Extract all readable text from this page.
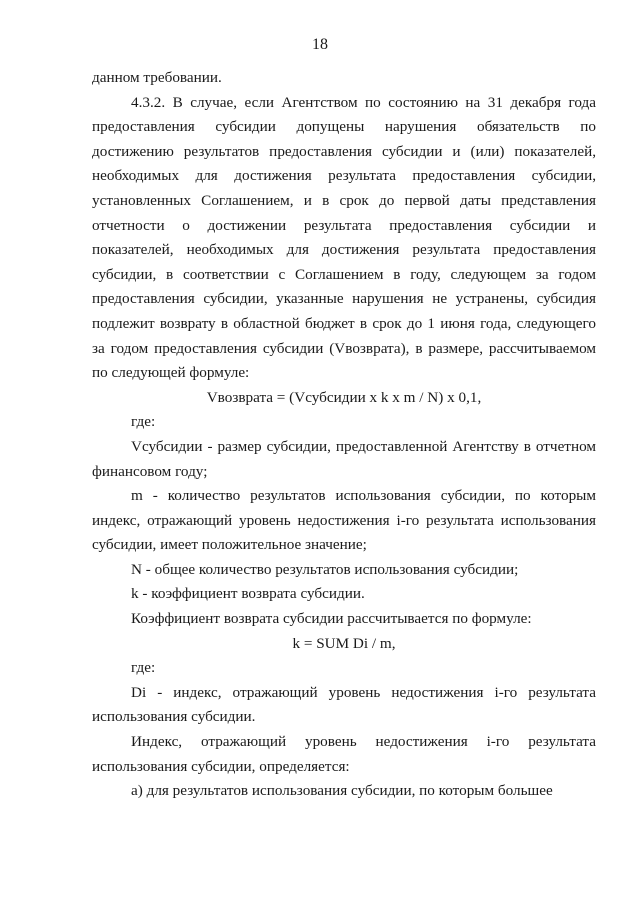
18

данном требовании.

4.3.2. В случае, если Агентством по состоянию на 31 декабря года предоставления субсидии допущены нарушения обязательств по достижению результатов предоставления субсидии и (или) показателей, необходимых для достижения результата предоставления субсидии, установленных Соглашением, и в срок до первой даты представления отчетности о достижении результата предоставления субсидии и показателей, необходимых для достижения результата предоставления субсидии, в соответствии с Соглашением в году, следующем за годом предоставления субсидии, указанные нарушения не устранены, субсидия подлежит возврату в областной бюджет в срок до 1 июня года, следующего за годом предоставления субсидии (Vвозврата), в размере, рассчитываемом по следующей формуле:

Vвозврата = (Vсубсидии x k x m / N) x 0,1,

где:

Vсубсидии - размер субсидии, предоставленной Агентству в отчетном финансовом году;

m - количество результатов использования субсидии, по которым индекс, отражающий уровень недостижения i-го результата использования субсидии, имеет положительное значение;

N - общее количество результатов использования субсидии;

k - коэффициент возврата субсидии.

Коэффициент возврата субсидии рассчитывается по формуле:

k = SUM Di / m,

где:

Di - индекс, отражающий уровень недостижения i-го результата использования субсидии.

Индекс, отражающий уровень недостижения i-го результата использования субсидии, определяется:

а) для результатов использования субсидии, по которым большее
